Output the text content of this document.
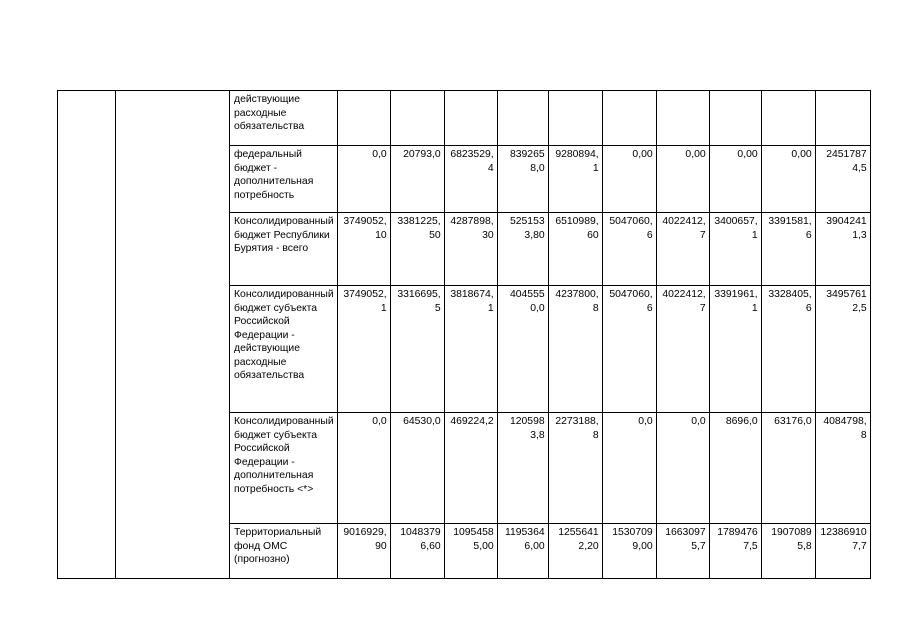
		действующие расходные обязательства										
		федеральный бюджет - дополнительная потребность	0,0	20793,0	6823529,4	8392658,0	9280894,1	0,00	0,00	0,00	0,00	24517874,5
		Консолидированный бюджет Республики Бурятия - всего	3749052,10	3381225,50	4287898,30	5251533,80	6510989,60	5047060,6	4022412,7	3400657,1	3391581,6	39042411,3
		Консолидированный бюджет субъекта Российской Федерации - действующие расходные обязательства	3749052,1	3316695,5	3818674,1	4045550,0	4237800,8	5047060,6	4022412,7	3391961,1	3328405,6	34957612,5
		Консолидированный бюджет субъекта Российской Федерации - дополнительная потребность <*>	0,0	64530,0	469224,2	1205983,8	2273188,8	0,0	0,0	8696,0	63176,0	4084798,8
		Территориальный фонд ОМС (прогнозно)	9016929,90	10483796,60	10954585,00	11953646,00	12556412,20	15307099,00	16630975,7	17894767,5	19070895,8	123869107,7
